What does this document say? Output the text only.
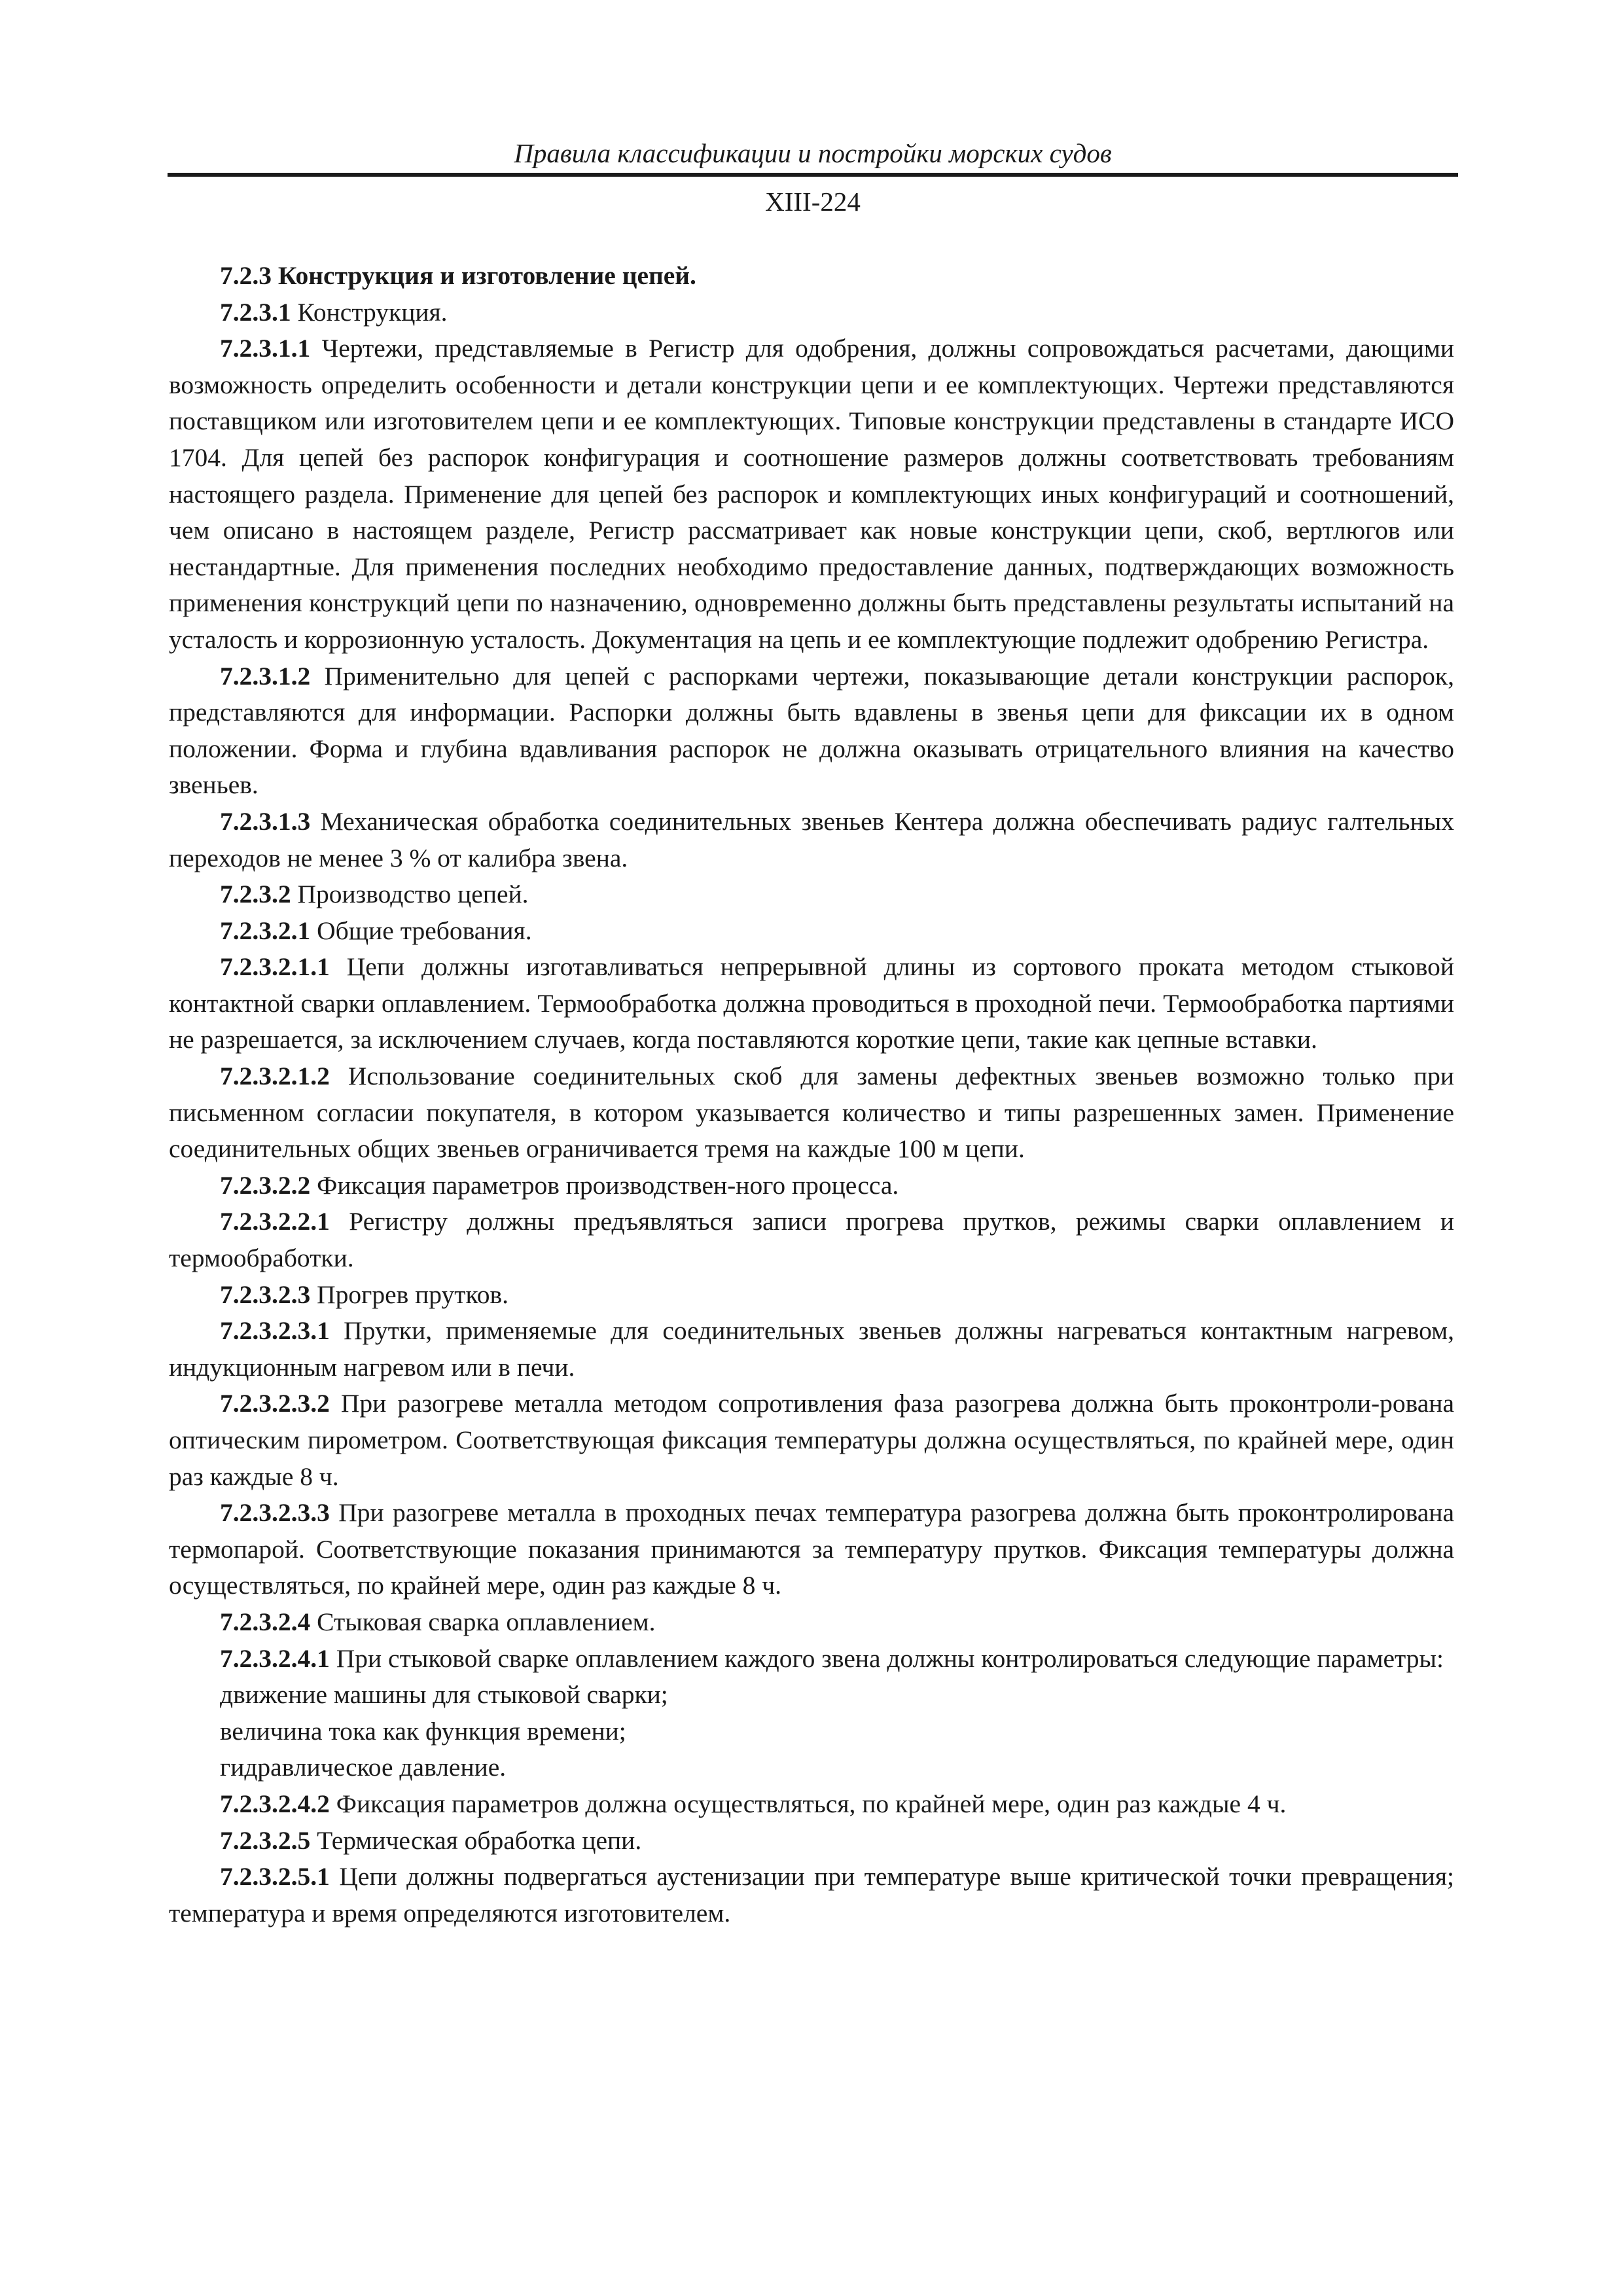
Правила классификации и постройки морских судов
XIII-224

7.2.3 Конструкция и изготовление цепей.

7.2.3.1 Конструкция.

7.2.3.1.1 Чертежи, представляемые в Регистр для одобрения, должны сопровождаться расчетами, дающими возможность определить особенности и детали конструкции цепи и ее комплектующих. Чертежи представляются поставщиком или изготовителем цепи и ее комплектующих. Типовые конструкции представлены в стандарте ИСО 1704. Для цепей без распорок конфигурация и соотношение размеров должны соответствовать требованиям настоящего раздела. Применение для цепей без распорок и комплектующих иных конфигураций и соотношений, чем описано в настоящем разделе, Регистр рассматривает как новые конструкции цепи, скоб, вертлюгов или нестандартные. Для применения последних необходимо предоставление данных, подтверждающих возможность применения конструкций цепи по назначению, одновременно должны быть представлены результаты испытаний на усталость и коррозионную усталость. Документация на цепь и ее комплектующие подлежит одобрению Регистра.

7.2.3.1.2 Применительно для цепей с распорками чертежи, показывающие детали конструкции распорок, представляются для информации. Распорки должны быть вдавлены в звенья цепи для фиксации их в одном положении. Форма и глубина вдавливания распорок не должна оказывать отрицательного влияния на качество звеньев.

7.2.3.1.3 Механическая обработка соединительных звеньев Кентера должна обеспечивать радиус галтельных переходов не менее 3 % от калибра звена.

7.2.3.2 Производство цепей.

7.2.3.2.1 Общие требования.

7.2.3.2.1.1 Цепи должны изготавливаться непрерывной длины из сортового проката методом стыковой контактной сварки оплавлением. Термообработка должна проводиться в проходной печи. Термообработка партиями не разрешается, за исключением случаев, когда поставляются короткие цепи, такие как цепные вставки.

7.2.3.2.1.2 Использование соединительных скоб для замены дефектных звеньев возможно только при письменном согласии покупателя, в котором указывается количество и типы разрешенных замен. Применение соединительных общих звеньев ограничивается тремя на каждые 100 м цепи.

7.2.3.2.2 Фиксация параметров производствен-ного процесса.

7.2.3.2.2.1 Регистру должны предъявляться записи прогрева прутков, режимы сварки оплавлением и термообработки.

7.2.3.2.3 Прогрев прутков.

7.2.3.2.3.1 Прутки, применяемые для соединительных звеньев должны нагреваться контактным нагревом, индукционным нагревом или в печи.

7.2.3.2.3.2 При разогреве металла методом сопротивления фаза разогрева должна быть проконтроли-рована оптическим пирометром. Соответствующая фиксация температуры должна осуществляться, по крайней мере, один раз каждые 8 ч.

7.2.3.2.3.3 При разогреве металла в проходных печах температура разогрева должна быть проконтролирована термопарой. Соответствующие показания принимаются за температуру прутков. Фиксация температуры должна осуществляться, по крайней мере, один раз каждые 8 ч.

7.2.3.2.4 Стыковая сварка оплавлением.

7.2.3.2.4.1 При стыковой сварке оплавлением каждого звена должны контролироваться следующие параметры:

движение машины для стыковой сварки;

величина тока как функция времени;

гидравлическое давление.

7.2.3.2.4.2 Фиксация параметров должна осуществляться, по крайней мере, один раз каждые 4 ч.

7.2.3.2.5 Термическая обработка цепи.

7.2.3.2.5.1 Цепи должны подвергаться аустенизации при температуре выше критической точки превращения; температура и время определяются изготовителем.
